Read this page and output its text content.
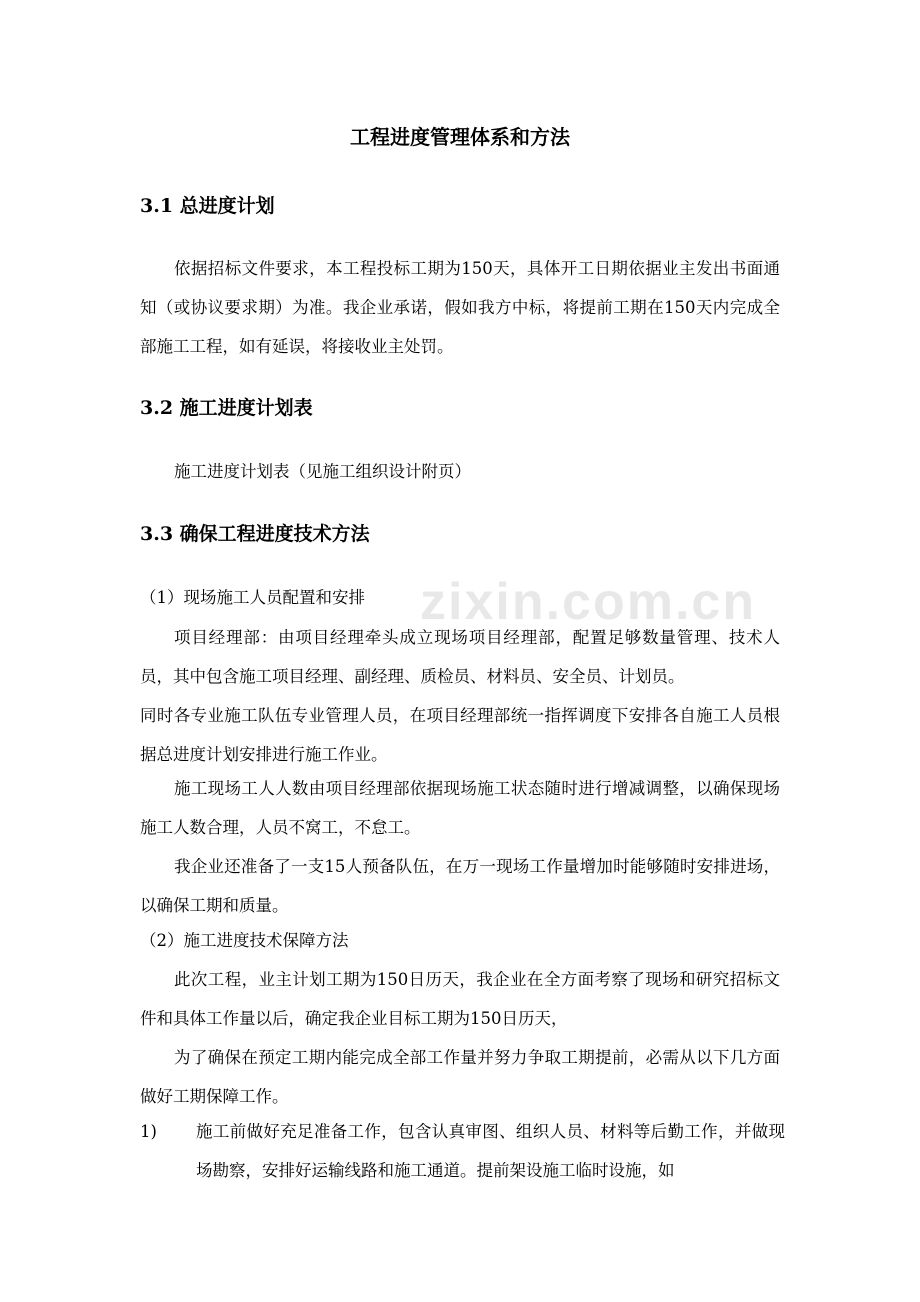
工程进度管理体系和方法
3.1 总进度计划
依据招标文件要求，本工程投标工期为150天，具体开工日期依据业主发出书面通知（或协议要求期）为准。我企业承诺，假如我方中标，将提前工期在150天内完成全部施工工程，如有延误，将接收业主处罚。
3.2 施工进度计划表
施工进度计划表（见施工组织设计附页）
3.3 确保工程进度技术方法
（1）现场施工人员配置和安排
项目经理部：由项目经理牵头成立现场项目经理部，配置足够数量管理、技术人员，其中包含施工项目经理、副经理、质检员、材料员、安全员、计划员。
同时各专业施工队伍专业管理人员，在项目经理部统一指挥调度下安排各自施工人员根据总进度计划安排进行施工作业。
施工现场工人人数由项目经理部依据现场施工状态随时进行增减调整，以确保现场施工人数合理，人员不窝工，不怠工。
我企业还准备了一支15人预备队伍，在万一现场工作量增加时能够随时安排进场，以确保工期和质量。
（2）施工进度技术保障方法
此次工程，业主计划工期为150日历天，我企业在全方面考察了现场和研究招标文件和具体工作量以后，确定我企业目标工期为150日历天，
为了确保在预定工期内能完成全部工作量并努力争取工期提前，必需从以下几方面做好工期保障工作。
1) 施工前做好充足准备工作，包含认真审图、组织人员、材料等后勤工作，并做现场勘察，安排好运输线路和施工通道。提前架设施工临时设施，如
zixin.com.cn
